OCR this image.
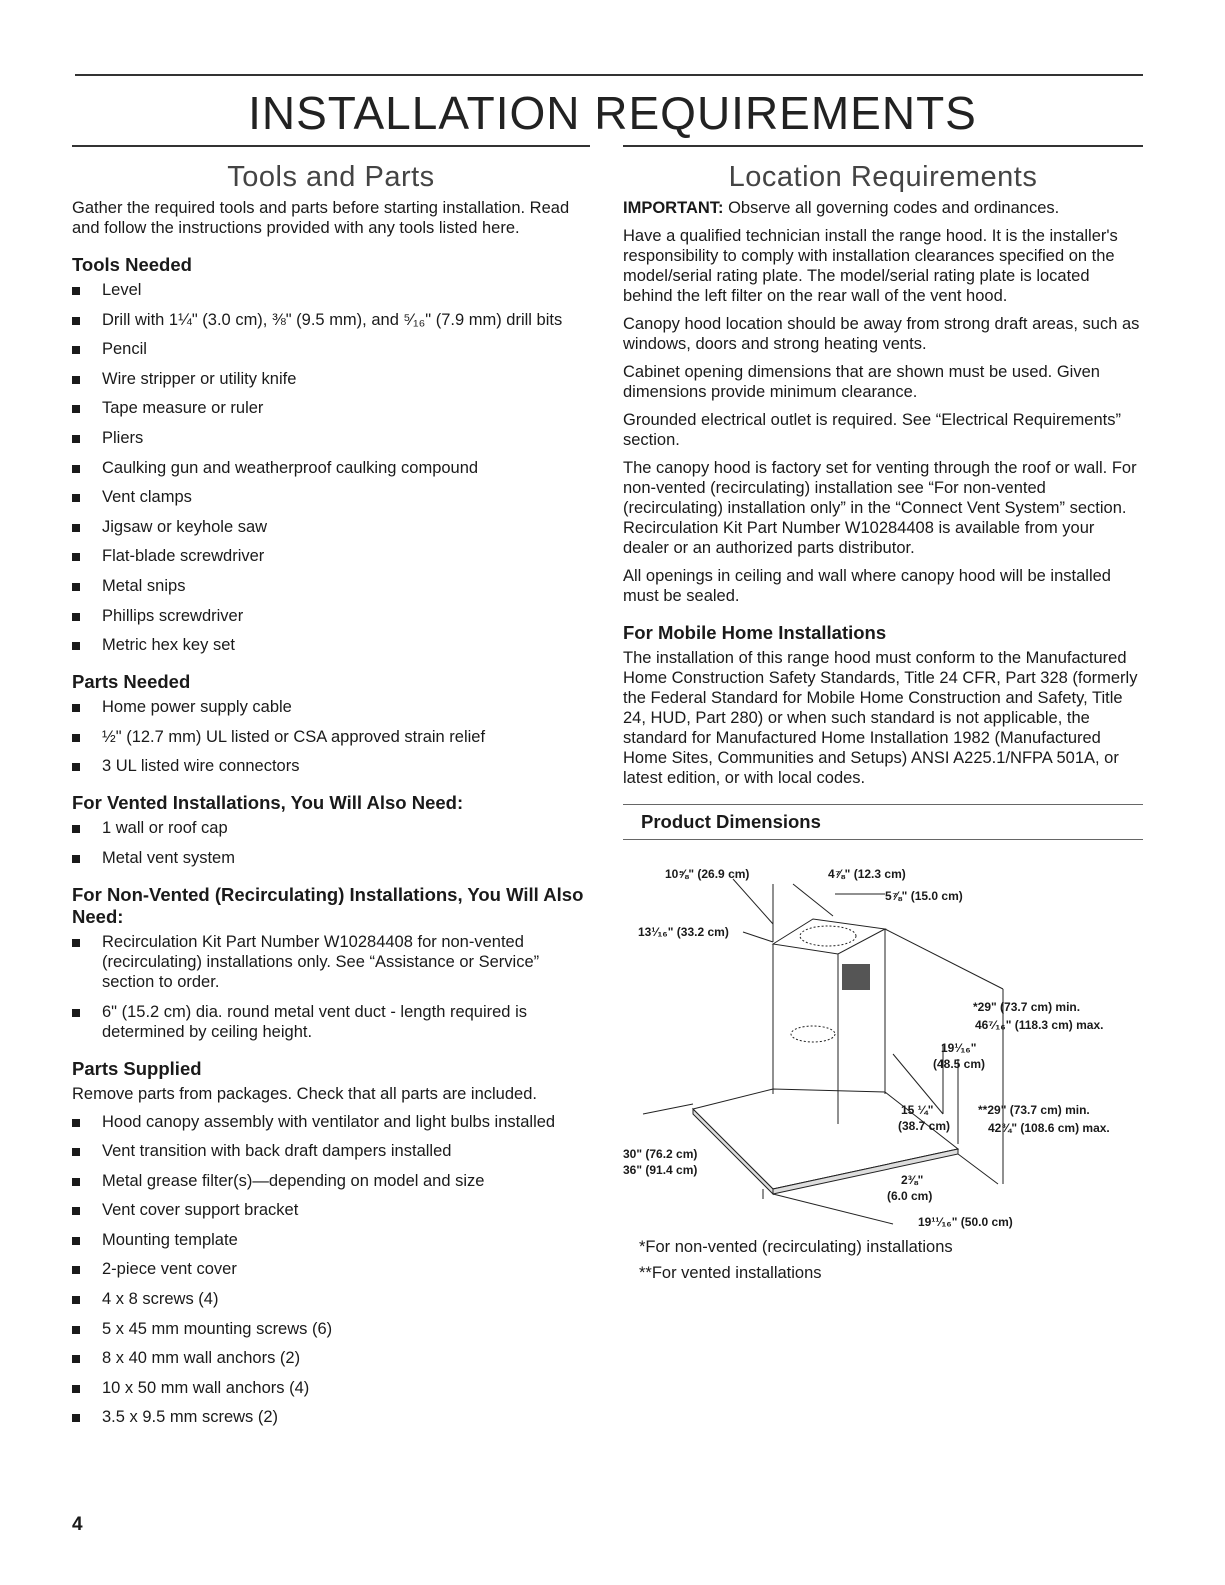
INSTALLATION REQUIREMENTS
Tools and Parts

Gather the required tools and parts before starting installation. Read and follow the instructions provided with any tools listed here.

Tools Needed
Level
Drill with 1¼" (3.0 cm), ⅜" (9.5 mm), and ⁵⁄₁₆" (7.9 mm) drill bits
Pencil
Wire stripper or utility knife
Tape measure or ruler
Pliers
Caulking gun and weatherproof caulking compound
Vent clamps
Jigsaw or keyhole saw
Flat-blade screwdriver
Metal snips
Phillips screwdriver
Metric hex key set
Parts Needed
Home power supply cable
½" (12.7 mm) UL listed or CSA approved strain relief
3 UL listed wire connectors
For Vented Installations, You Will Also Need:
1 wall or roof cap
Metal vent system
For Non-Vented (Recirculating) Installations, You Will Also Need:
Recirculation Kit Part Number W10284408 for non-vented (recirculating) installations only. See “Assistance or Service” section to order.
6" (15.2 cm) dia. round metal vent duct - length required is determined by ceiling height.
Parts Supplied

Remove parts from packages. Check that all parts are included.

Hood canopy assembly with ventilator and light bulbs installed
Vent transition with back draft dampers installed
Metal grease filter(s)—depending on model and size
Vent cover support bracket
Mounting template
2-piece vent cover
4 x 8 screws (4)
5 x 45 mm mounting screws (6)
8 x 40 mm wall anchors (2)
10 x 50 mm wall anchors (4)
3.5 x 9.5 mm screws (2)
Location Requirements

IMPORTANT: Observe all governing codes and ordinances.

Have a qualified technician install the range hood. It is the installer's responsibility to comply with installation clearances specified on the model/serial rating plate. The model/serial rating plate is located behind the left filter on the rear wall of the vent hood.

Canopy hood location should be away from strong draft areas, such as windows, doors and strong heating vents.

Cabinet opening dimensions that are shown must be used. Given dimensions provide minimum clearance.

Grounded electrical outlet is required. See “Electrical Requirements” section.

The canopy hood is factory set for venting through the roof or wall. For non-vented (recirculating) installation see “For non-vented (recirculating) installation only” in the “Connect Vent System” section. Recirculation Kit Part Number W10284408 is available from your dealer or an authorized parts distributor.

All openings in ceiling and wall where canopy hood will be installed must be sealed.

For Mobile Home Installations

The installation of this range hood must conform to the Manufactured Home Construction Safety Standards, Title 24 CFR, Part 328 (formerly the Federal Standard for Mobile Home Construction and Safety, Title 24, HUD, Part 280) or when such standard is not applicable, the standard for Manufactured Home Installation 1982 (Manufactured Home Sites, Communities and Setups) ANSI A225.1/NFPA 501A, or latest edition, or with local codes.

Product Dimensions
10⅝" (26.9 cm)	4⅞" (12.3 cm)
5⅞" (15.0 cm)
13¹⁄₁₆" (33.2 cm)
*29" (73.7 cm) min.
46⁷⁄₁₆" (118.3 cm) max.
19¹⁄₁₆"
(48.5 cm)
15 ¼"
(38.7 cm)
**29" (73.7 cm) min.
42¾" (108.6 cm) max.
30" (76.2 cm)
36" (91.4 cm)
2⅜"
(6.0 cm)
19¹¹⁄₁₆" (50.0 cm)
*For non-vented (recirculating) installations
**For vented installations
4
